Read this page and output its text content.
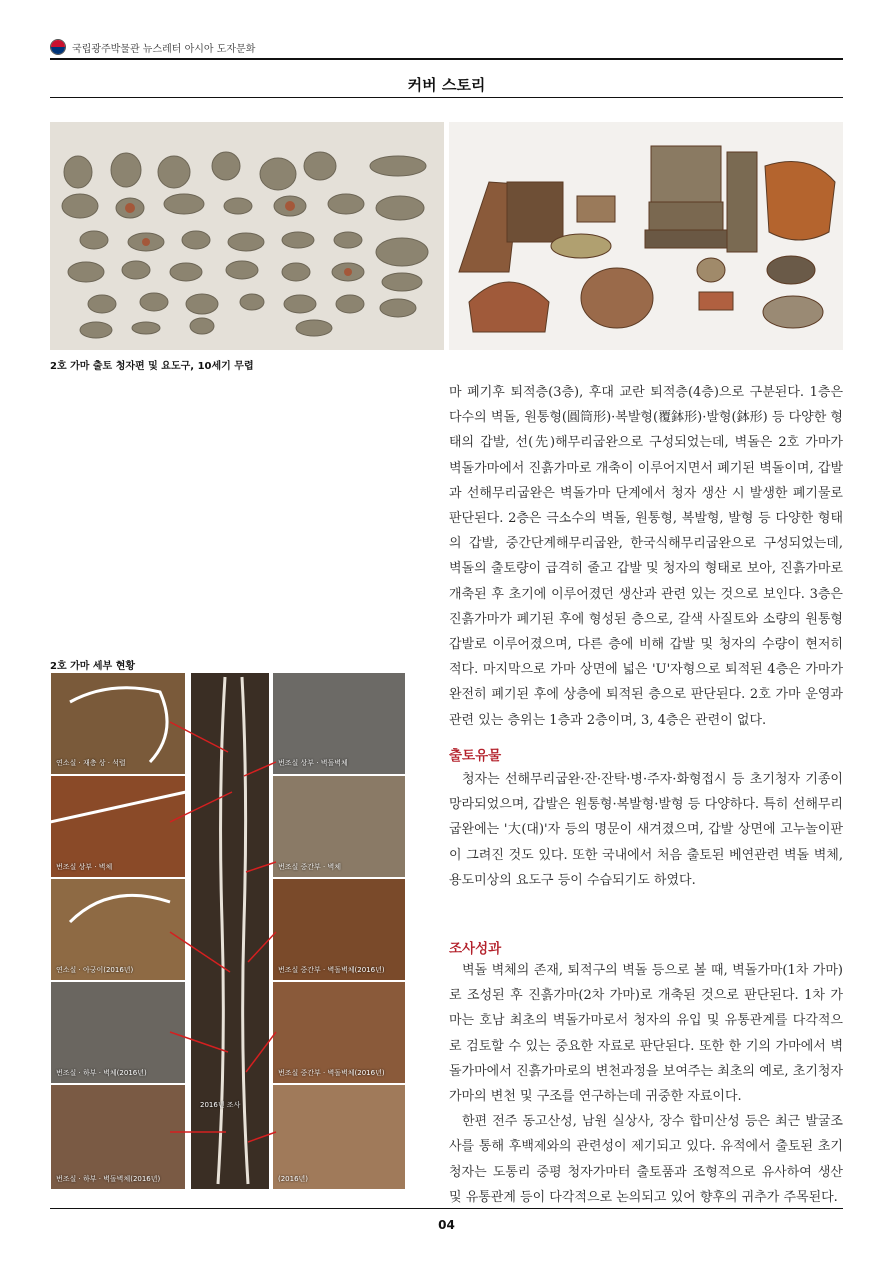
국립광주박물관 뉴스레터 아시아 도자문화
커버 스토리
2호 가마 출토 청자편 및 요도구, 10세기 무렵
2호 가마 세부 현황
연소실 · 재층 상 · 석렬	번조실 상부 · 벽돌벽체
번조실 상부 · 벽체	번조실 중간부 · 벽체
연소실 · 아궁이(2016년)	번조실 중간부 · 벽돌벽체(2016년)
번조실 · 하부 · 벽체(2016년)	번조실 중간부 · 벽돌벽체(2016년)
번조실 · 하부 · 벽돌벽체(2016년)	(2016년)
2016년 조사

마 폐기후 퇴적층(3층), 후대 교란 퇴적층(4층)으로 구분된다. 1층은 다수의 벽돌, 원통형(圓筒形)·복발형(覆鉢形)·발형(鉢形) 등 다양한 형태의 갑발, 선(先)해무리굽완으로 구성되었는데, 벽돌은 2호 가마가 벽돌가마에서 진흙가마로 개축이 이루어지면서 폐기된 벽돌이며, 갑발과 선해무리굽완은 벽돌가마 단계에서 청자 생산 시 발생한 폐기물로 판단된다. 2층은 극소수의 벽돌, 원통형, 복발형, 발형 등 다양한 형태의 갑발, 중간단계해무리굽완, 한국식해무리굽완으로 구성되었는데, 벽돌의 출토량이 급격히 줄고 갑발 및 청자의 형태로 보아, 진흙가마로 개축된 후 초기에 이루어졌던 생산과 관련 있는 것으로 보인다. 3층은 진흙가마가 폐기된 후에 형성된 층으로, 갈색 사질토와 소량의 원통형 갑발로 이루어졌으며, 다른 층에 비해 갑발 및 청자의 수량이 현저히 적다. 마지막으로 가마 상면에 넓은 'U'자형으로 퇴적된 4층은 가마가 완전히 폐기된 후에 상층에 퇴적된 층으로 판단된다. 2호 가마 운영과 관련 있는 층위는 1층과 2층이며, 3, 4층은 관련이 없다.

출토유물

청자는 선해무리굽완·잔·잔탁·병·주자·화형접시 등 초기청자 기종이 망라되었으며, 갑발은 원통형·복발형·발형 등 다양하다. 특히 선해무리굽완에는 '大(대)'자 등의 명문이 새겨졌으며, 갑발 상면에 고누놀이판이 그려진 것도 있다. 또한 국내에서 처음 출토된 베연관련 벽돌 벽체, 용도미상의 요도구 등이 수습되기도 하였다.

조사성과

벽돌 벽체의 존재, 퇴적구의 벽돌 등으로 볼 때, 벽돌가마(1차 가마)로 조성된 후 진흙가마(2차 가마)로 개축된 것으로 판단된다. 1차 가마는 호남 최초의 벽돌가마로서 청자의 유입 및 유통관계를 다각적으로 검토할 수 있는 중요한 자료로 판단된다. 또한 한 기의 가마에서 벽돌가마에서 진흙가마로의 변천과정을 보여주는 최초의 예로, 초기청자 가마의 변천 및 구조를 연구하는데 귀중한 자료이다.

한편 전주 동고산성, 남원 실상사, 장수 합미산성 등은 최근 발굴조사를 통해 후백제와의 관련성이 제기되고 있다. 유적에서 출토된 초기청자는 도통리 중평 청자가마터 출토품과 조형적으로 유사하여 생산 및 유통관계 등이 다각적으로 논의되고 있어 향후의 귀추가 주목된다.

04
